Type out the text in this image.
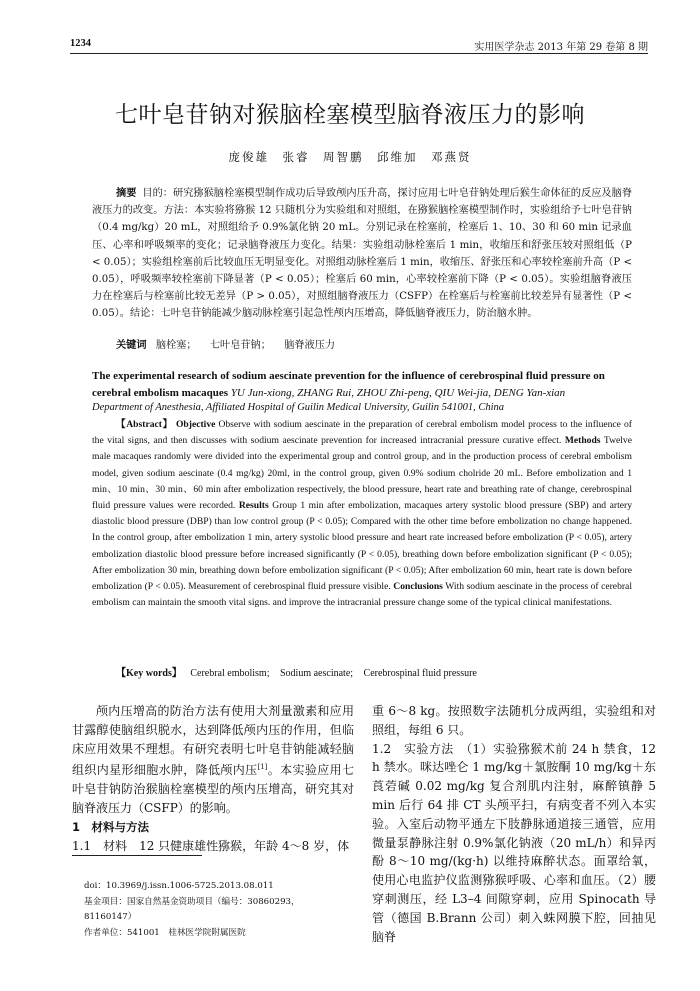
1234	实用医学杂志 2013 年第 29 卷第 8 期
七叶皂苷钠对猴脑栓塞模型脑脊液压力的影响
庞俊雄　张睿　周智鹏　邱维加　邓燕贤
摘要 目的：研究猕猴脑栓塞模型制作成功后导致颅内压升高，探讨应用七叶皂苷钠处理后猴生命体征的反应及脑脊液压力的改变。方法：本实验将猕猴 12 只随机分为实验组和对照组，在猕猴脑栓塞模型制作时，实验组给予七叶皂苷钠（0.4 mg/kg）20 mL，对照组给予 0.9%氯化钠 20 mL。分别记录在栓塞前，栓塞后 1、10、30 和 60 min 记录血压、心率和呼吸频率的变化；记录脑脊液压力变化。结果：实验组动脉栓塞后 1 min，收缩压和舒张压较对照组低（P < 0.05）；实验组栓塞前后比较血压无明显变化。对照组动脉栓塞后 1 min，收缩压、舒张压和心率较栓塞前升高（P < 0.05），呼吸频率较栓塞前下降显著（P < 0.05）；栓塞后 60 min，心率较栓塞前下降（P < 0.05）。实验组脑脊液压力在栓塞后与栓塞前比较无差异（P > 0.05），对照组脑脊液压力（CSFP）在栓塞后与栓塞前比较差异有显著性（P < 0.05）。结论：七叶皂苷钠能减少脑动脉栓塞引起急性颅内压增高，降低脑脊液压力，防治脑水肿。
关键词 脑栓塞； 七叶皂苷钠； 脑脊液压力
The experimental research of sodium aescinate prevention for the influence of cerebrospinal fluid pressure on cerebral embolism macaques YU Jun-xiong, ZHANG Rui, ZHOU Zhi-peng, QIU Wei-jia, DENG Yan-xian
Department of Anesthesia, Affiliated Hospital of Guilin Medical University, Guilin 541001, China
【Abstract】 Objective Observe with sodium aescinate in the preparation of cerebral embolism model process to the influence of the vital signs, and then discusses with sodium aescinate prevention for increased intracranial pressure curative effect. Methods Twelve male macaques randomly were divided into the experimental group and control group, and in the production process of cerebral embolism model, given sodium aescinate (0.4 mg/kg) 20ml, in the control group, given 0.9% sodium cholride 20 mL. Before embolization and 1 min、10 min、30 min、60 min after embolization respectively, the blood pressure, heart rate and breathing rate of change, cerebrospinal fluid pressure values were recorded. Results Group 1 min after embolization, macaques artery systolic blood pressure (SBP) and artery diastolic blood pressure (DBP) than low control group (P < 0.05); Compared with the other time before embolization no change happened. In the control group, after embolization 1 min, artery systolic blood pressure and heart rate increased before embolization (P < 0.05), artery embolization diastolic blood pressure before increased significantly (P < 0.05), breathing down before embolization significant (P < 0.05); After embolization 30 min, breathing down before embolization significant (P < 0.05); After embolization 60 min, heart rate is down before embolization (P < 0.05). Measurement of cerebrospinal fluid pressure visible. Conclusions With sodium aescinate in the process of cerebral embolism can maintain the smooth vital signs. and improve the intracranial pressure change some of the typical clinical manifestations.
【Key words】 Cerebral embolism; Sodium aescinate; Cerebrospinal fluid pressure

颅内压增高的防治方法有使用大剂量激素和应用甘露醇使脑组织脱水，达到降低颅内压的作用，但临床应用效果不理想。有研究表明七叶皂苷钠能减轻脑组织内星形细胞水肿，降低颅内压[1]。本实验应用七叶皂苷钠防治猴脑栓塞模型的颅内压增高，研究其对脑脊液压力（CSFP）的影响。

1　材料与方法

1.1　材料　12 只健康雄性猕猴，年龄 4～8 岁，体

重 6～8 kg。按照数字法随机分成两组，实验组和对照组，每组 6 只。

1.2　实验方法　（1）实验猕猴术前 24 h 禁食，12 h 禁水。咪达唑仑 1 mg/kg＋氯胺酮 10 mg/kg＋东莨菪碱 0.02 mg/kg 复合剂肌内注射，麻醉镇静 5 min 后行 64 排 CT 头颅平扫，有病变者不列入本实验。入室后动物平通左下肢静脉通道接三通管，应用微量泵静脉注射 0.9%氯化钠液（20 mL/h）和异丙酚 8～10 mg/(kg·h) 以维持麻醉状态。面罩给氧，使用心电监护仪监测猕猴呼吸、心率和血压。（2）腰穿刺测压，经 L3–4 间隙穿刺，应用 Spinocath 导管（德国 B.Brann 公司）刺入蛛网膜下腔，回抽见脑脊

doi：10.3969/j.issn.1006-5725.2013.08.011
基金项目：国家自然基金资助项目（编号：30860293，81160147）
作者单位：541001　桂林医学院附属医院
